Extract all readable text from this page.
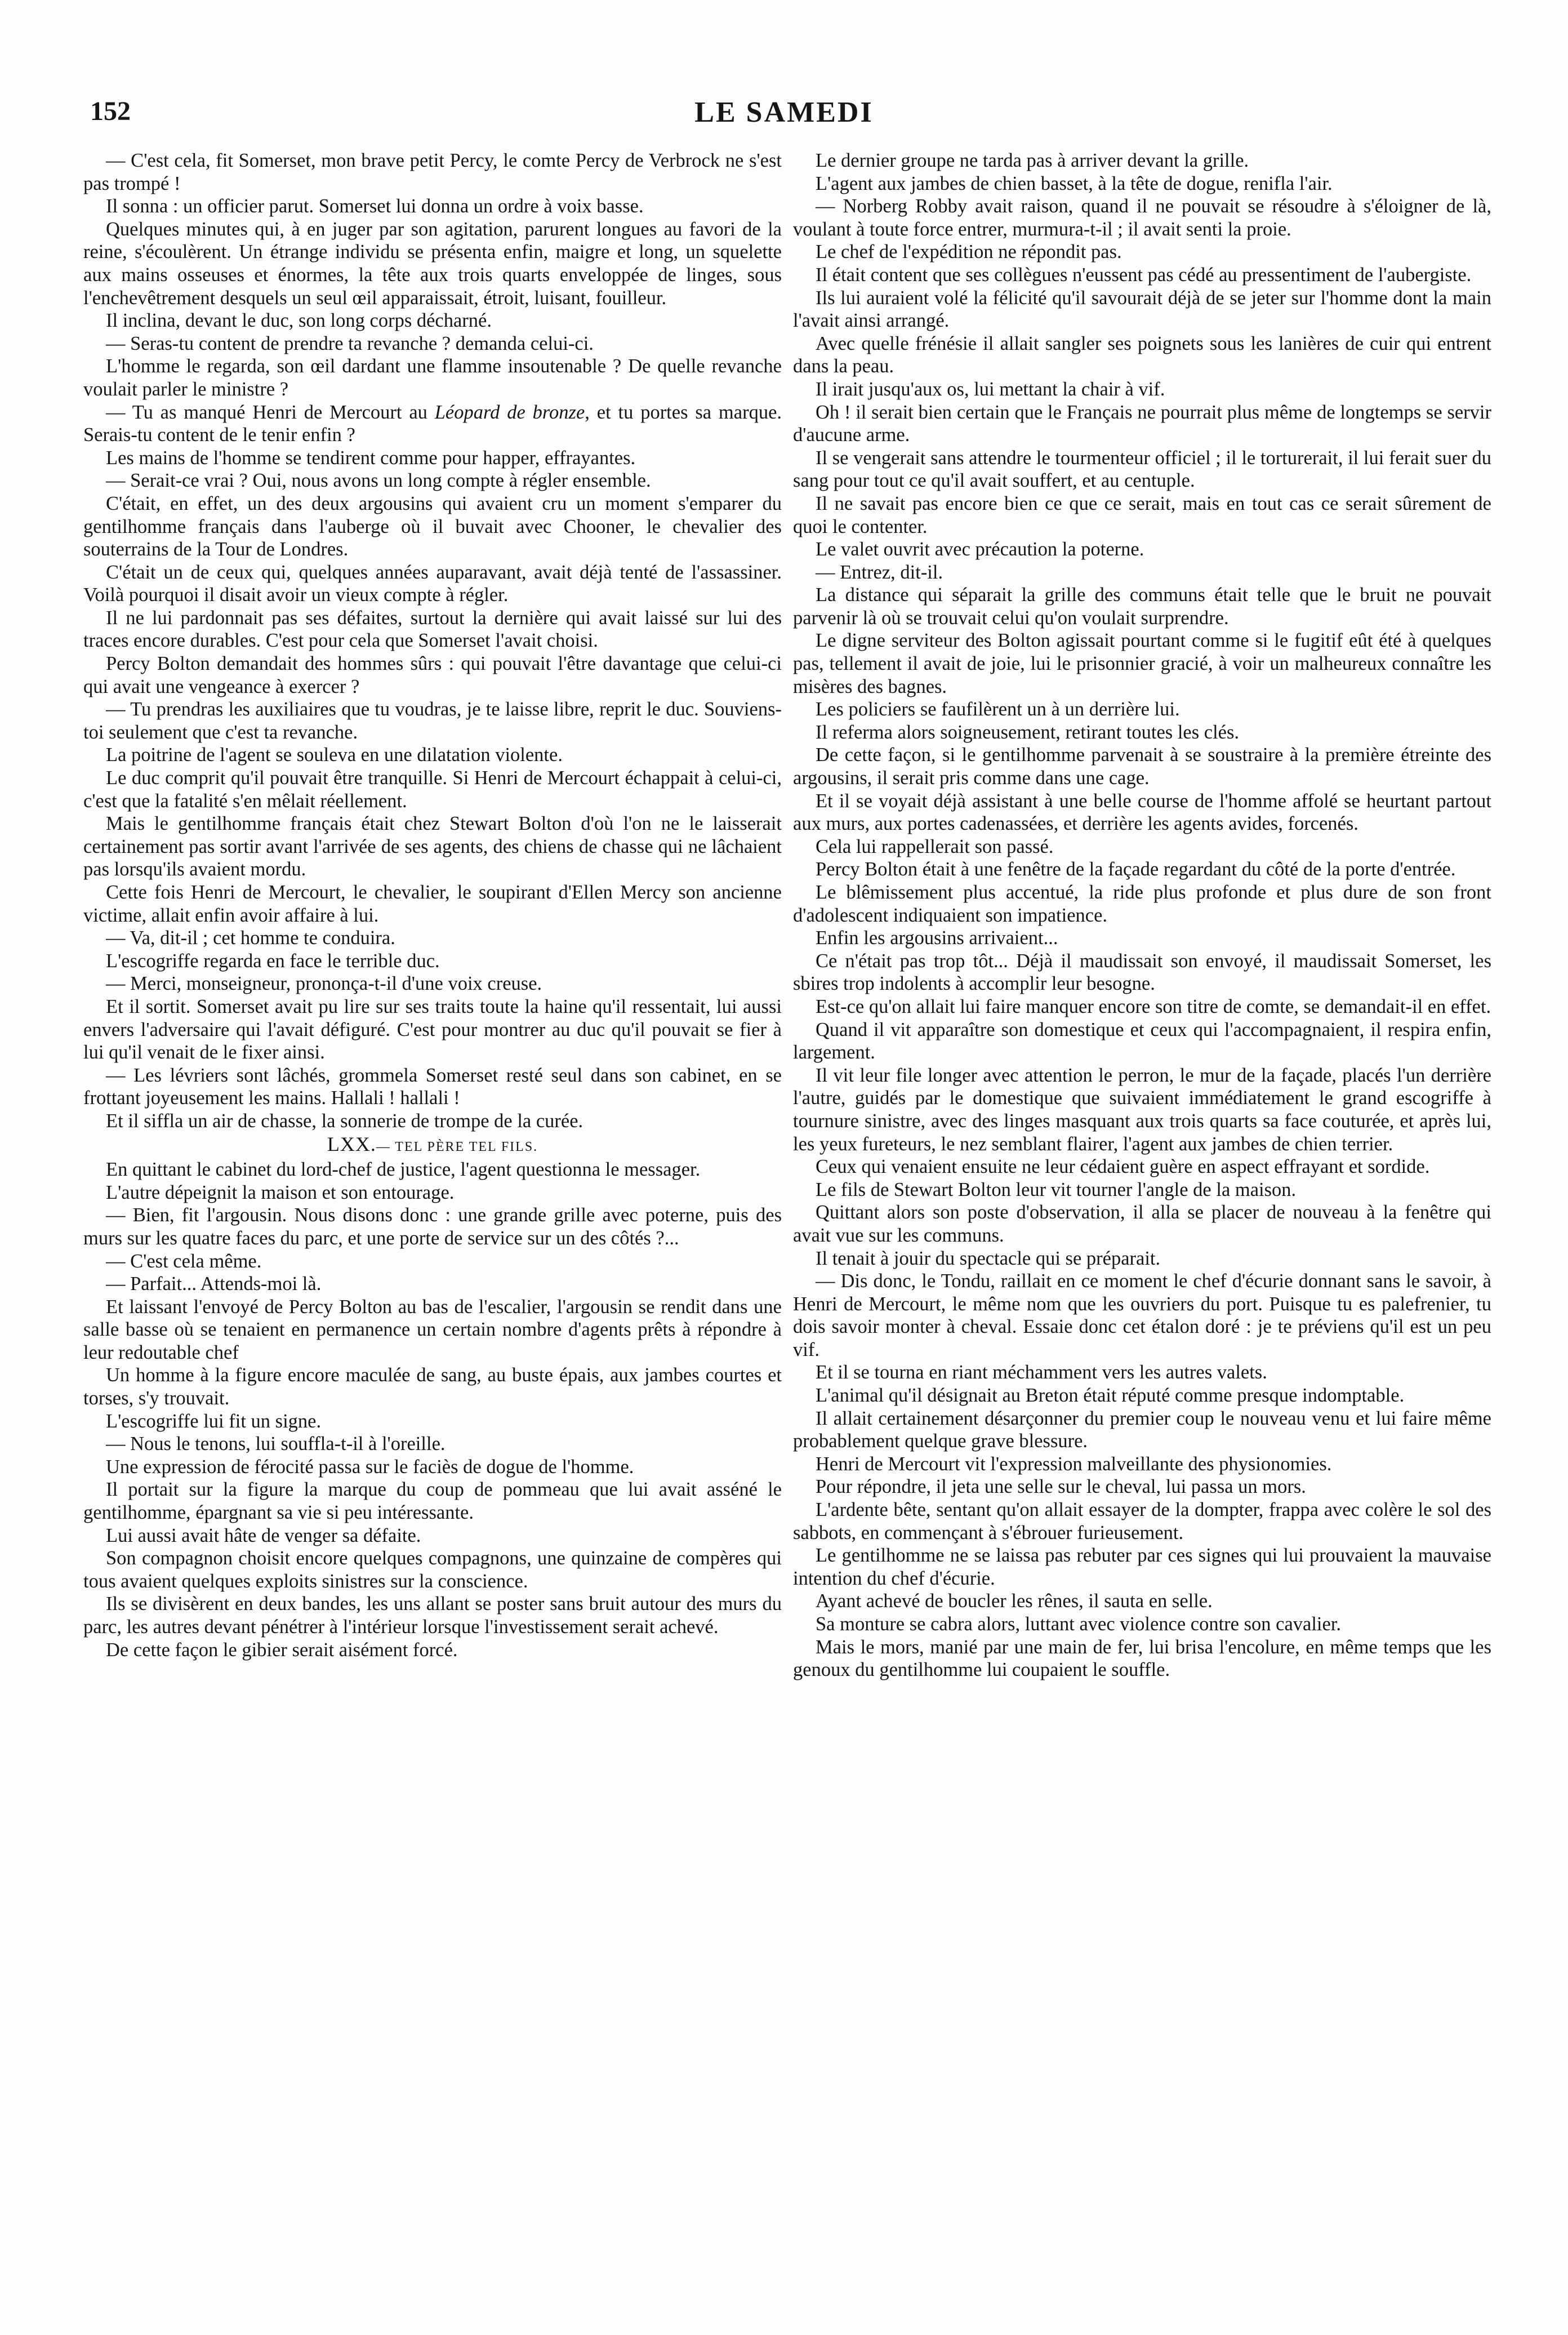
152	LE SAMEDI

— C'est cela, fit Somerset, mon brave petit Percy, le comte Percy de Verbrock ne s'est pas trompé !

Il sonna : un officier parut. Somerset lui donna un ordre à voix basse.

Quelques minutes qui, à en juger par son agitation, parurent longues au favori de la reine, s'écoulèrent. Un étrange individu se présenta enfin, maigre et long, un squelette aux mains osseuses et énormes, la tête aux trois quarts enveloppée de linges, sous l'enchevêtrement desquels un seul œil apparaissait, étroit, luisant, fouilleur.

Il inclina, devant le duc, son long corps décharné.

— Seras-tu content de prendre ta revanche ? demanda celui-ci.

L'homme le regarda, son œil dardant une flamme insoutenable ? De quelle revanche voulait parler le ministre ?

— Tu as manqué Henri de Mercourt au Léopard de bronze, et tu portes sa marque. Serais-tu content de le tenir enfin ?

Les mains de l'homme se tendirent comme pour happer, effrayantes.

— Serait-ce vrai ? Oui, nous avons un long compte à régler ensemble.

C'était, en effet, un des deux argousins qui avaient cru un moment s'emparer du gentilhomme français dans l'auberge où il buvait avec Chooner, le chevalier des souterrains de la Tour de Londres.

C'était un de ceux qui, quelques années auparavant, avait déjà tenté de l'assassiner. Voilà pourquoi il disait avoir un vieux compte à régler.

Il ne lui pardonnait pas ses défaites, surtout la dernière qui avait laissé sur lui des traces encore durables. C'est pour cela que Somerset l'avait choisi.

Percy Bolton demandait des hommes sûrs : qui pouvait l'être davantage que celui-ci qui avait une vengeance à exercer ?

— Tu prendras les auxiliaires que tu voudras, je te laisse libre, reprit le duc. Souviens-toi seulement que c'est ta revanche.

La poitrine de l'agent se souleva en une dilatation violente.

Le duc comprit qu'il pouvait être tranquille. Si Henri de Mercourt échappait à celui-ci, c'est que la fatalité s'en mêlait réellement.

Mais le gentilhomme français était chez Stewart Bolton d'où l'on ne le laisserait certainement pas sortir avant l'arrivée de ses agents, des chiens de chasse qui ne lâchaient pas lorsqu'ils avaient mordu.

Cette fois Henri de Mercourt, le chevalier, le soupirant d'Ellen Mercy son ancienne victime, allait enfin avoir affaire à lui.

— Va, dit-il ; cet homme te conduira.

L'escogriffe regarda en face le terrible duc.

— Merci, monseigneur, prononça-t-il d'une voix creuse.

Et il sortit. Somerset avait pu lire sur ses traits toute la haine qu'il ressentait, lui aussi envers l'adversaire qui l'avait défiguré. C'est pour montrer au duc qu'il pouvait se fier à lui qu'il venait de le fixer ainsi.

— Les lévriers sont lâchés, grommela Somerset resté seul dans son cabinet, en se frottant joyeusement les mains. Hallali ! hallali !

Et il siffla un air de chasse, la sonnerie de trompe de la curée.

LXX.— TEL PÈRE TEL FILS.

En quittant le cabinet du lord-chef de justice, l'agent questionna le messager.

L'autre dépeignit la maison et son entourage.

— Bien, fit l'argousin. Nous disons donc : une grande grille avec poterne, puis des murs sur les quatre faces du parc, et une porte de service sur un des côtés ?...

— C'est cela même.

— Parfait... Attends-moi là.

Et laissant l'envoyé de Percy Bolton au bas de l'escalier, l'argousin se rendit dans une salle basse où se tenaient en permanence un certain nombre d'agents prêts à répondre à leur redoutable chef

Un homme à la figure encore maculée de sang, au buste épais, aux jambes courtes et torses, s'y trouvait.

L'escogriffe lui fit un signe.

— Nous le tenons, lui souffla-t-il à l'oreille.

Une expression de férocité passa sur le faciès de dogue de l'homme.

Il portait sur la figure la marque du coup de pommeau que lui avait asséné le gentilhomme, épargnant sa vie si peu intéressante.

Lui aussi avait hâte de venger sa défaite.

Son compagnon choisit encore quelques compagnons, une quinzaine de compères qui tous avaient quelques exploits sinistres sur la conscience.

Ils se divisèrent en deux bandes, les uns allant se poster sans bruit autour des murs du parc, les autres devant pénétrer à l'intérieur lorsque l'investissement serait achevé.

De cette façon le gibier serait aisément forcé.

Le dernier groupe ne tarda pas à arriver devant la grille.

L'agent aux jambes de chien basset, à la tête de dogue, renifla l'air.

— Norberg Robby avait raison, quand il ne pouvait se résoudre à s'éloigner de là, voulant à toute force entrer, murmura-t-il ; il avait senti la proie.

Le chef de l'expédition ne répondit pas.

Il était content que ses collègues n'eussent pas cédé au pressentiment de l'aubergiste.

Ils lui auraient volé la félicité qu'il savourait déjà de se jeter sur l'homme dont la main l'avait ainsi arrangé.

Avec quelle frénésie il allait sangler ses poignets sous les lanières de cuir qui entrent dans la peau.

Il irait jusqu'aux os, lui mettant la chair à vif.

Oh ! il serait bien certain que le Français ne pourrait plus même de longtemps se servir d'aucune arme.

Il se vengerait sans attendre le tourmenteur officiel ; il le torturerait, il lui ferait suer du sang pour tout ce qu'il avait souffert, et au centuple.

Il ne savait pas encore bien ce que ce serait, mais en tout cas ce serait sûrement de quoi le contenter.

Le valet ouvrit avec précaution la poterne.

— Entrez, dit-il.

La distance qui séparait la grille des communs était telle que le bruit ne pouvait parvenir là où se trouvait celui qu'on voulait surprendre.

Le digne serviteur des Bolton agissait pourtant comme si le fugitif eût été à quelques pas, tellement il avait de joie, lui le prisonnier gracié, à voir un malheureux connaître les misères des bagnes.

Les policiers se faufilèrent un à un derrière lui.

Il referma alors soigneusement, retirant toutes les clés.

De cette façon, si le gentilhomme parvenait à se soustraire à la première étreinte des argousins, il serait pris comme dans une cage.

Et il se voyait déjà assistant à une belle course de l'homme affolé se heurtant partout aux murs, aux portes cadenassées, et derrière les agents avides, forcenés.

Cela lui rappellerait son passé.

Percy Bolton était à une fenêtre de la façade regardant du côté de la porte d'entrée.

Le blêmissement plus accentué, la ride plus profonde et plus dure de son front d'adolescent indiquaient son impatience.

Enfin les argousins arrivaient...

Ce n'était pas trop tôt... Déjà il maudissait son envoyé, il maudissait Somerset, les sbires trop indolents à accomplir leur besogne.

Est-ce qu'on allait lui faire manquer encore son titre de comte, se demandait-il en effet.

Quand il vit apparaître son domestique et ceux qui l'accompagnaient, il respira enfin, largement.

Il vit leur file longer avec attention le perron, le mur de la façade, placés l'un derrière l'autre, guidés par le domestique que suivaient immédiatement le grand escogriffe à tournure sinistre, avec des linges masquant aux trois quarts sa face couturée, et après lui, les yeux fureteurs, le nez semblant flairer, l'agent aux jambes de chien terrier.

Ceux qui venaient ensuite ne leur cédaient guère en aspect effrayant et sordide.

Le fils de Stewart Bolton leur vit tourner l'angle de la maison.

Quittant alors son poste d'observation, il alla se placer de nouveau à la fenêtre qui avait vue sur les communs.

Il tenait à jouir du spectacle qui se préparait.

— Dis donc, le Tondu, raillait en ce moment le chef d'écurie donnant sans le savoir, à Henri de Mercourt, le même nom que les ouvriers du port. Puisque tu es palefrenier, tu dois savoir monter à cheval. Essaie donc cet étalon doré : je te préviens qu'il est un peu vif.

Et il se tourna en riant méchamment vers les autres valets.

L'animal qu'il désignait au Breton était réputé comme presque indomptable.

Il allait certainement désarçonner du premier coup le nouveau venu et lui faire même probablement quelque grave blessure.

Henri de Mercourt vit l'expression malveillante des physionomies.

Pour répondre, il jeta une selle sur le cheval, lui passa un mors.

L'ardente bête, sentant qu'on allait essayer de la dompter, frappa avec colère le sol des sabbots, en commençant à s'ébrouer furieusement.

Le gentilhomme ne se laissa pas rebuter par ces signes qui lui prouvaient la mauvaise intention du chef d'écurie.

Ayant achevé de boucler les rênes, il sauta en selle.

Sa monture se cabra alors, luttant avec violence contre son cavalier.

Mais le mors, manié par une main de fer, lui brisa l'encolure, en même temps que les genoux du gentilhomme lui coupaient le souffle.
